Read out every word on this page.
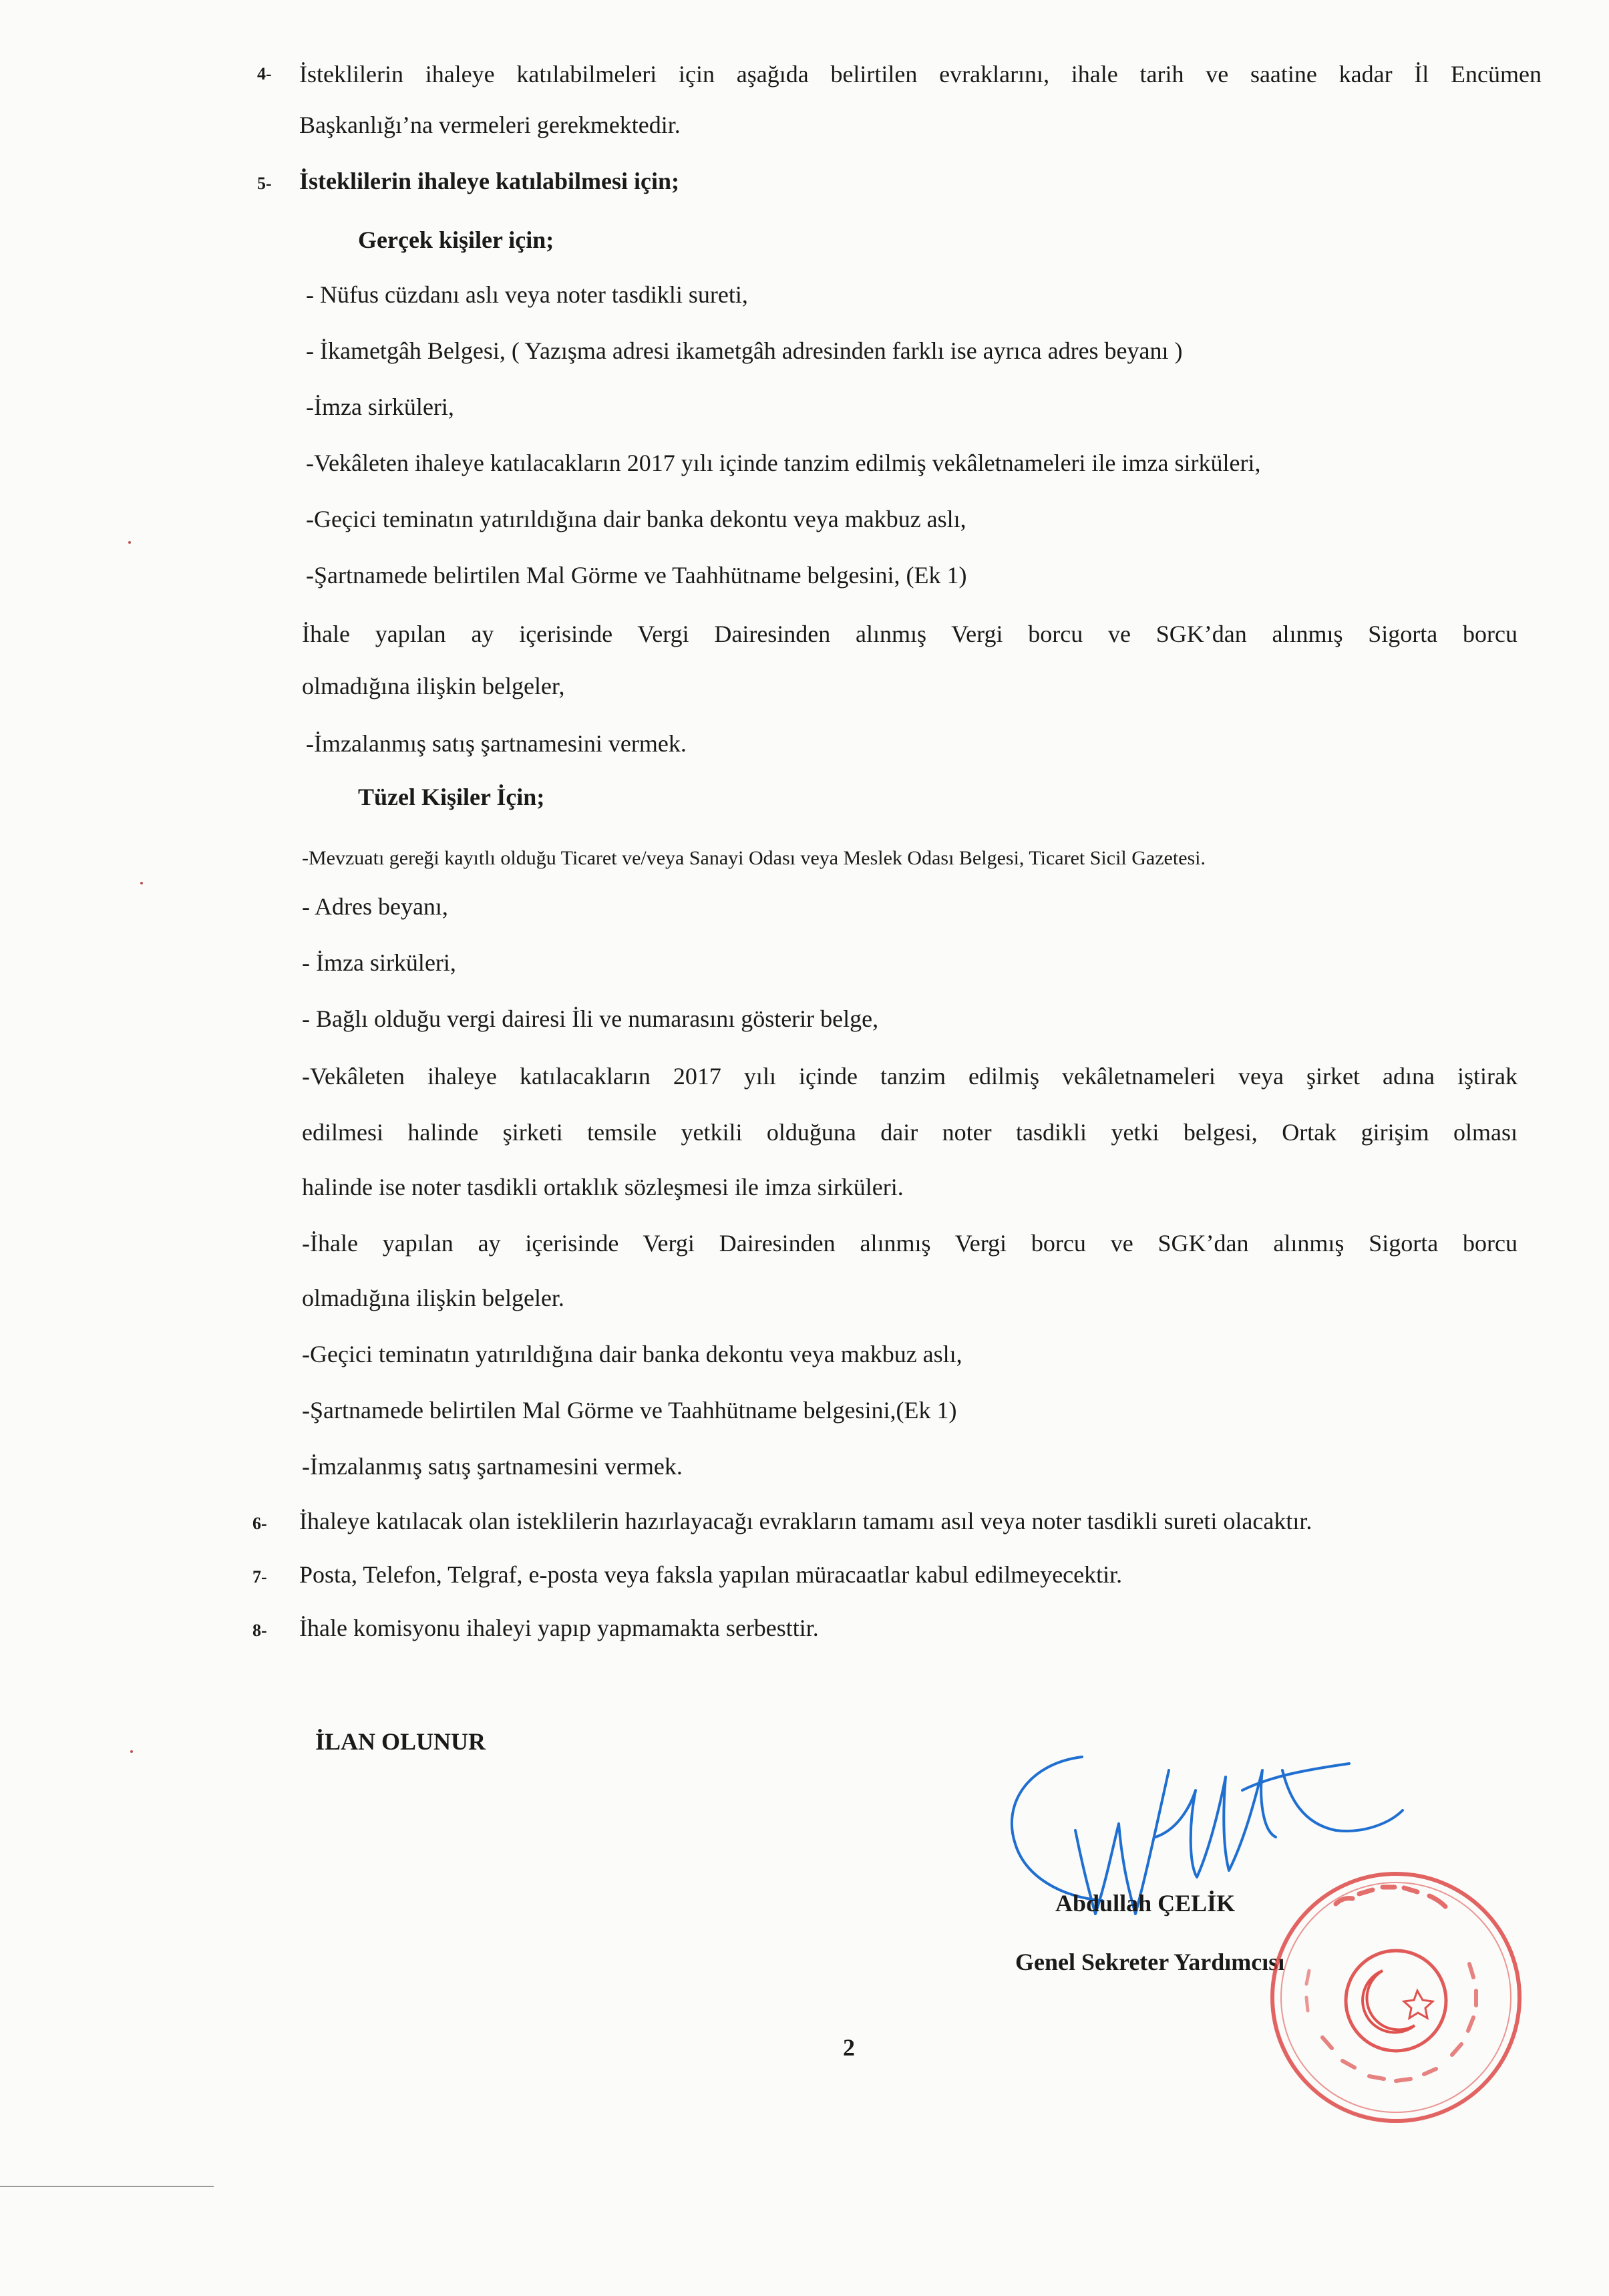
4- İsteklilerin ihaleye katılabilmeleri için aşağıda belirtilen evraklarını, ihale tarih ve saatine kadar İl Encümen
Başkanlığı’na vermeleri gerekmektedir.
5- İsteklilerin ihaleye katılabilmesi için;
Gerçek kişiler için;
- Nüfus cüzdanı aslı veya noter tasdikli sureti,
- İkametgâh Belgesi, ( Yazışma adresi ikametgâh adresinden farklı ise ayrıca adres beyanı )
-İmza sirküleri,
-Vekâleten ihaleye katılacakların 2017 yılı içinde tanzim edilmiş vekâletnameleri ile imza sirküleri,
-Geçici teminatın yatırıldığına dair banka dekontu veya makbuz aslı,
-Şartnamede belirtilen Mal Görme ve Taahhütname belgesini, (Ek 1)
İhale yapılan ay içerisinde Vergi Dairesinden alınmış Vergi borcu ve SGK’dan alınmış Sigorta borcu
olmadığına ilişkin belgeler,
-İmzalanmış satış şartnamesini vermek.
Tüzel Kişiler İçin;
-Mevzuatı gereği kayıtlı olduğu Ticaret ve/veya Sanayi Odası veya Meslek Odası Belgesi, Ticaret Sicil Gazetesi.
- Adres beyanı,
- İmza sirküleri,
- Bağlı olduğu vergi dairesi İli ve numarasını gösterir belge,
-Vekâleten ihaleye katılacakların 2017 yılı içinde tanzim edilmiş vekâletnameleri veya şirket adına iştirak
edilmesi halinde şirketi temsile yetkili olduğuna dair noter tasdikli yetki belgesi, Ortak girişim olması
halinde ise noter tasdikli ortaklık sözleşmesi ile imza sirküleri.
-İhale yapılan ay içerisinde Vergi Dairesinden alınmış Vergi borcu ve SGK’dan alınmış Sigorta borcu
olmadığına ilişkin belgeler.
-Geçici teminatın yatırıldığına dair banka dekontu veya makbuz aslı,
-Şartnamede belirtilen Mal Görme ve Taahhütname belgesini,(Ek 1)
-İmzalanmış satış şartnamesini vermek.
6- İhaleye katılacak olan isteklilerin hazırlayacağı evrakların tamamı asıl veya noter tasdikli sureti olacaktır.
7- Posta, Telefon, Telgraf, e-posta veya faksla yapılan müracaatlar kabul edilmeyecektir.
8- İhale komisyonu ihaleyi yapıp yapmamakta serbesttir.
İLAN OLUNUR
Abdullah ÇELİK
Genel Sekreter Yardımcısı
2
